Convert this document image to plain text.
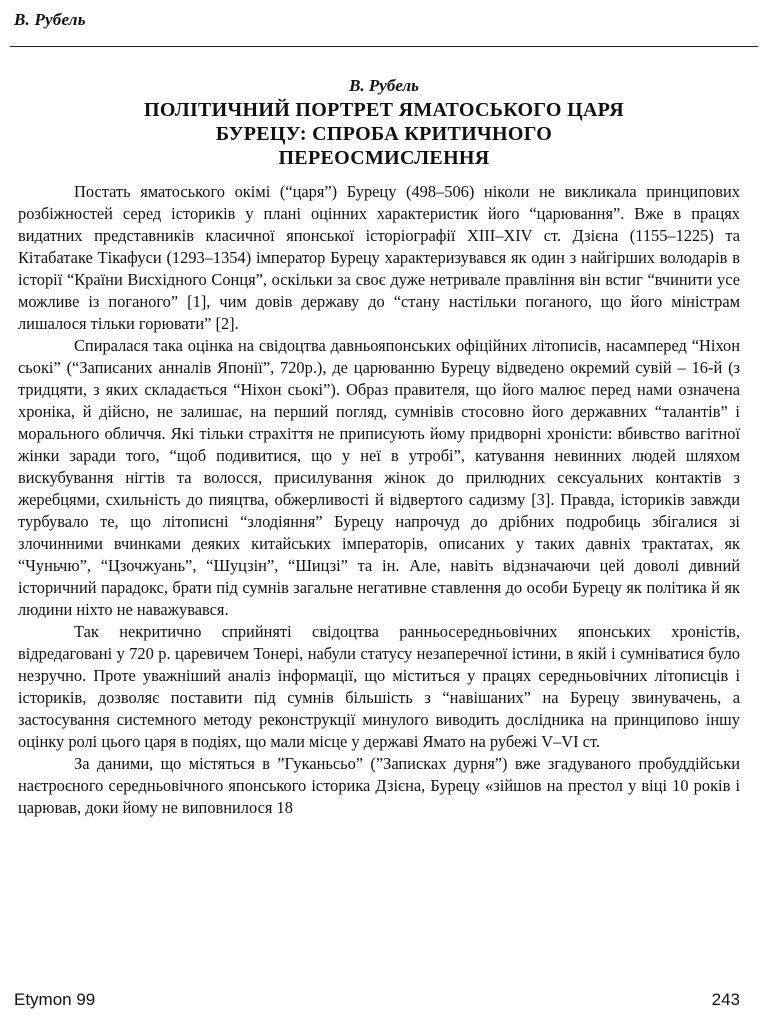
В. Рубель
В. Рубель
ПОЛІТИЧНИЙ ПОРТРЕТ ЯМАТОСЬКОГО ЦАРЯ
БУРЕЦУ: СПРОБА КРИТИЧНОГО
ПЕРЕОСМИСЛЕННЯ

Постать яматоського окімі (“царя”) Бурецу (498–506) ніколи не викликала принципових розбіжностей серед істориків у плані оцінних характеристик його “царювання”. Вже в працях видатних представників класичної японської історіографії XIII–XIV ст. Дзієна (1155–1225) та Кітабатаке Тікафуси (1293–1354) імператор Бурецу характеризувався як один з найгірших володарів в історії “Країни Висхідного Сонця”, оскільки за своє дуже нетривале правління він встиг “вчинити усе можливе із поганого” [1], чим довів державу до “стану настільки поганого, що його міністрам лишалося тільки горювати” [2].

Спиралася така оцінка на свідоцтва давньояпонських офіційних літописів, насамперед “Ніхон сьокі” (“Записаних анналів Японії”, 720р.), де царюванню Бурецу відведено окремий сувій – 16-й (з тридцяти, з яких складається “Ніхон сьокі”). Образ правителя, що його малює перед нами означена хроніка, й дійсно, не залишає, на перший погляд, сумнівів стосовно його державних “талантів” і морального обличчя. Які тільки страхіття не приписують йому придворні хроністи: вбивство вагітної жінки заради того, “щоб подивитися, що у неї в утробі”, катування невинних людей шляхом вискубування нігтів та волосся, присилування жінок до прилюдних сексуальних контактів з жеребцями, схильність до пияцтва, обжерливості й відвертого садизму [3]. Правда, істориків завжди турбувало те, що літописні “злодіяння” Бурецу напрочуд до дрібних подробиць збігалися зі злочинними вчинками деяких китайських імператорів, описаних у таких давніх трактатах, як “Чуньчю”, “Цзочжуань”, “Шуцзін”, “Шицзі” та ін. Але, навіть відзначаючи цей доволі дивний історичний парадокс, брати під сумнів загальне негативне ставлення до особи Бурецу як політика й як людини ніхто не наважувався.

Так некритично сприйняті свідоцтва ранньосередньовічних японських хроністів, відредаговані у 720 р. царевичем Тонері, набули статусу незаперечної істини, в якій і сумніватися було незручно. Проте уважніший аналіз інформації, що міститься у працях середньовічних літописців і істориків, дозволяє поставити під сумнів більшість з “навішаних” на Бурецу звинувачень, а застосування системного методу реконструкції минулого виводить дослідника на принципово іншу оцінку ролі цього царя в подіях, що мали місце у державі Ямато на рубежі V–VI ст.

За даними, що містяться в ”Гуканьсьо” (”Записках дурня”) вже згадуваного пробуддійськи наєтроєного середньовічного японського історика Дзієна, Бурецу «зійшов на престол у віці 10 років і царював, доки йому не виповнилося 18

Etymon 99	243
